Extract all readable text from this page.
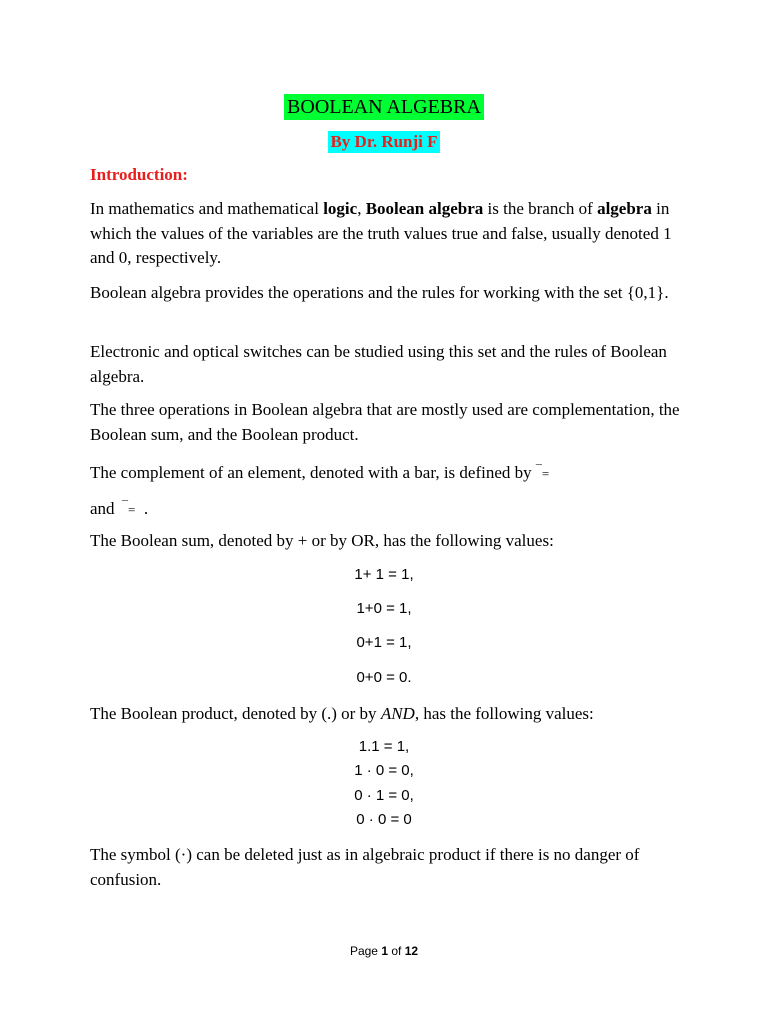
BOOLEAN ALGEBRA
By Dr. Runji F

Introduction:

In mathematics and mathematical logic, Boolean algebra is the branch of algebra in which the values of the variables are the truth values true and false, usually denoted 1 and 0, respectively.

Boolean algebra provides the operations and the rules for working with the set {0,1}.

Electronic and optical switches can be studied using this set and the rules of Boolean algebra.

The three operations in Boolean algebra that are mostly used are complementation, the Boolean sum, and the Boolean product.

The complement of an element, denoted with a bar, is defined by ¯=

and  ¯= .

The Boolean sum, denoted by + or by OR, has the following values:

1+ 1 = 1,
1+0 = 1,
0+1 = 1,
0+0 = 0.

The Boolean product, denoted by (.) or by AND, has the following values:

1.1 = 1,
1 · 0 = 0,
0 · 1 = 0,
0 · 0 = 0

The symbol (·) can be deleted just as in algebraic product if there is no danger of confusion.

Page 1 of 12
